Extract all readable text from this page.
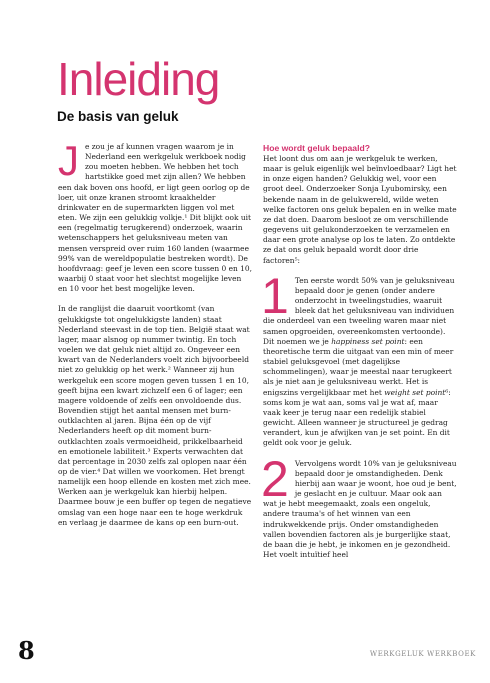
Inleiding
De basis van geluk

Je zou je af kunnen vragen waarom je in Nederland een werkgeluk werkboek nodig zou moeten hebben. We hebben het toch hartstikke goed met zijn allen? We hebben een dak boven ons hoofd, er ligt geen oorlog op de loer, uit onze kranen stroomt kraakhelder drinkwater en de supermarkten liggen vol met eten. We zijn een gelukkig volkje.¹ Dit blijkt ook uit een (regelmatig terugkerend) onderzoek, waarin wetenschappers het geluksniveau meten van mensen verspreid over ruim 160 landen (waarmee 99% van de wereldpopulatie bestreken wordt). De hoofdvraag: geef je leven een score tussen 0 en 10, waarbij 0 staat voor het slechtst mogelijke leven en 10 voor het best mogelijke leven.

In de ranglijst die daaruit voortkomt (van gelukkigste tot ongelukkigste landen) staat Nederland steevast in de top tien. België staat wat lager, maar alsnog op nummer twintig. En toch voelen we dat geluk niet altijd zo. Ongeveer een kwart van de Nederlanders voelt zich bijvoorbeeld niet zo gelukkig op het werk.² Wanneer zij hun werkgeluk een score mogen geven tussen 1 en 10, geeft bijna een kwart zichzelf een 6 of lager; een magere voldoende of zelfs een onvoldoende dus. Bovendien stijgt het aantal mensen met burn-outklachten al jaren. Bijna één op de vijf Nederlanders heeft op dit moment burn-outklachten zoals vermoeidheid, prikkelbaarheid en emotionele labiliteit.³ Experts verwachten dat dat percentage in 2030 zelfs zal oplopen naar één op de vier.⁴ Dat willen we voorkomen. Het brengt namelijk een hoop ellende en kosten met zich mee. Werken aan je werkgeluk kan hierbij helpen. Daarmee bouw je een buffer op tegen de negatieve omslag van een hoge naar een te hoge werkdruk en verlaag je daarmee de kans op een burn-out.

Hoe wordt geluk bepaald?

Het loont dus om aan je werkgeluk te werken, maar is geluk eigenlijk wel beïnvloedbaar? Ligt het in onze eigen handen? Gelukkig wel, voor een groot deel. Onderzoeker Sonja Lyubomirsky, een bekende naam in de gelukwereld, wilde weten welke factoren ons geluk bepalen en in welke mate ze dat doen. Daarom besloot ze om verschillende gegevens uit gelukonderzoeken te verzamelen en daar een grote analyse op los te laten. Zo ontdekte ze dat ons geluk bepaald wordt door drie factoren⁵:

1 Ten eerste wordt 50% van je geluksniveau bepaald door je genen (onder andere onderzocht in tweelingstudies, waaruit bleek dat het geluksniveau van individuen die onderdeel van een tweeling waren maar niet samen opgroeiden, overeenkomsten vertoonde). Dit noemen we je happiness set point: een theoretische term die uitgaat van een min of meer stabiel geluksgevoel (met dagelijkse schommelingen), waar je meestal naar terugkeert als je niet aan je geluksniveau werkt. Het is enigszins vergelijkbaar met het weight set point⁶: soms kom je wat aan, soms val je wat af, maar vaak keer je terug naar een redelijk stabiel gewicht. Alleen wanneer je structureel je gedrag verandert, kun je afwijken van je set point. En dit geldt ook voor je geluk.

2 Vervolgens wordt 10% van je geluksniveau bepaald door je omstandigheden. Denk hierbij aan waar je woont, hoe oud je bent, je geslacht en je cultuur. Maar ook aan wat je hebt meegemaakt, zoals een ongeluk, andere trauma's of het winnen van een indrukwekkende prijs. Onder omstandigheden vallen bovendien factoren als je burgerlijke staat, de baan die je hebt, je inkomen en je gezondheid. Het voelt intuïtief heel

8	WERKGELUK WERKBOEK
